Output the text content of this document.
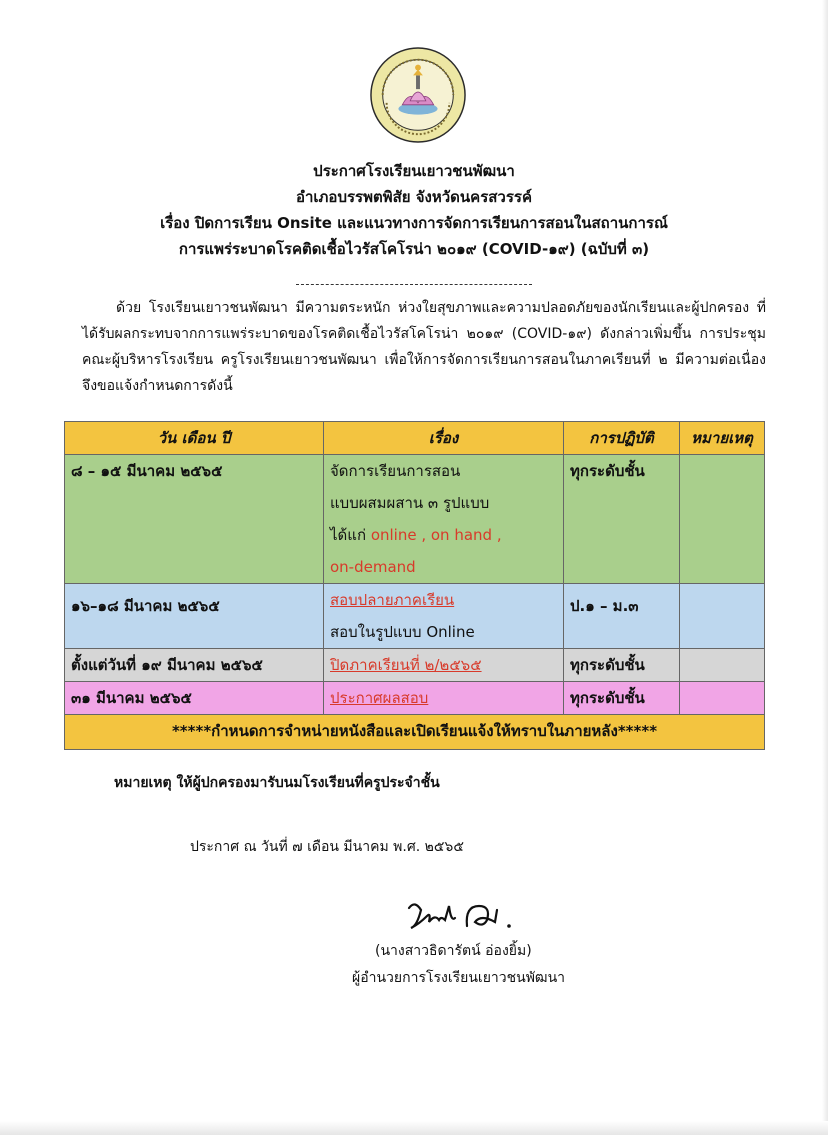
ประกาศโรงเรียนเยาวชนพัฒนา
อำเภอบรรพตพิสัย จังหวัดนครสวรรค์
เรื่อง ปิดการเรียน Onsite และแนวทางการจัดการเรียนการสอนในสถานการณ์
การแพร่ระบาดโรคติดเชื้อไวรัสโคโรน่า ๒๐๑๙ (COVID-๑๙) (ฉบับที่ ๓)

ด้วย โรงเรียนเยาวชนพัฒนา มีความตระหนัก ห่วงใยสุขภาพและความปลอดภัยของนักเรียนและผู้ปกครอง ที่ได้รับผลกระทบจากการแพร่ระบาดของโรคติดเชื้อไวรัสโคโรน่า ๒๐๑๙ (COVID-๑๙) ดังกล่าวเพิ่มขึ้น การประชุมคณะผู้บริหารโรงเรียน ครูโรงเรียนเยาวชนพัฒนา เพื่อให้การจัดการเรียนการสอนในภาคเรียนที่ ๒ มีความต่อเนื่อง จึงขอแจ้งกำหนดการดังนี้

วัน เดือน ปี	เรื่อง	การปฏิบัติ	หมายเหตุ
๘ – ๑๕ มีนาคม ๒๕๖๕	จัดการเรียนการสอน
แบบผสมผสาน ๓ รูปแบบ
ได้แก่ online , on hand ,
on-demand	ทุกระดับชั้น	
๑๖–๑๘ มีนาคม ๒๕๖๕	สอบปลายภาคเรียน
สอบในรูปแบบ Online	ป.๑ – ม.๓	
ตั้งแต่วันที่ ๑๙ มีนาคม ๒๕๖๕	ปิดภาคเรียนที่ ๒/๒๕๖๕	ทุกระดับชั้น	
๓๑ มีนาคม ๒๕๖๕	ประกาศผลสอบ	ทุกระดับชั้น	
*****กำหนดการจำหน่ายหนังสือและเปิดเรียนแจ้งให้ทราบในภายหลัง*****			
หมายเหตุ ให้ผู้ปกครองมารับนมโรงเรียนที่ครูประจำชั้น
ประกาศ ณ วันที่ ๗ เดือน มีนาคม พ.ศ. ๒๕๖๕
(นางสาวธิดารัตน์ อ่องยิ้ม)
ผู้อำนวยการโรงเรียนเยาวชนพัฒนา
